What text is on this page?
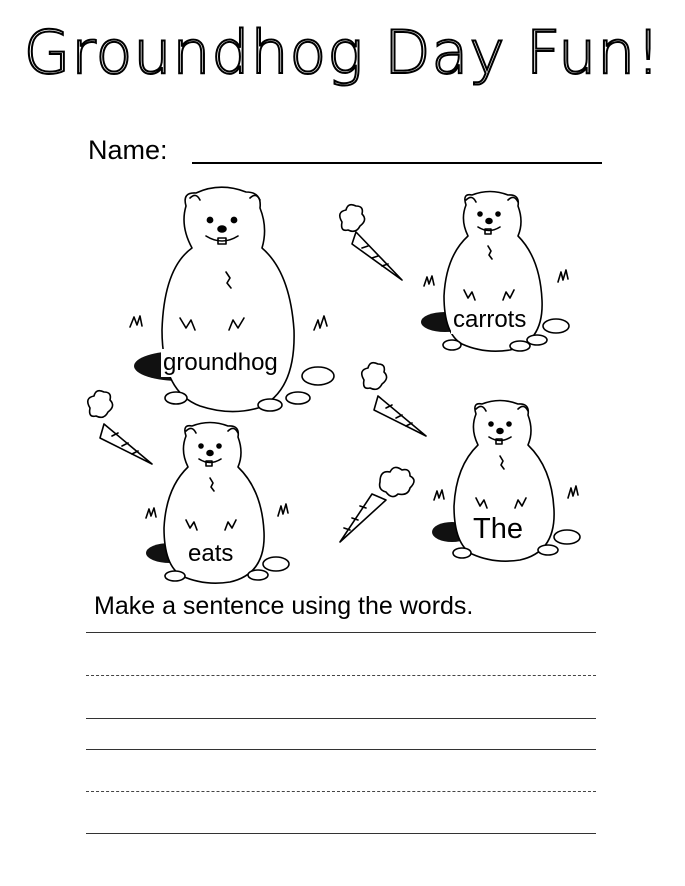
Groundhog Day Fun!
Name:
groundhog
carrots
eats
The
Make a sentence using the words.
